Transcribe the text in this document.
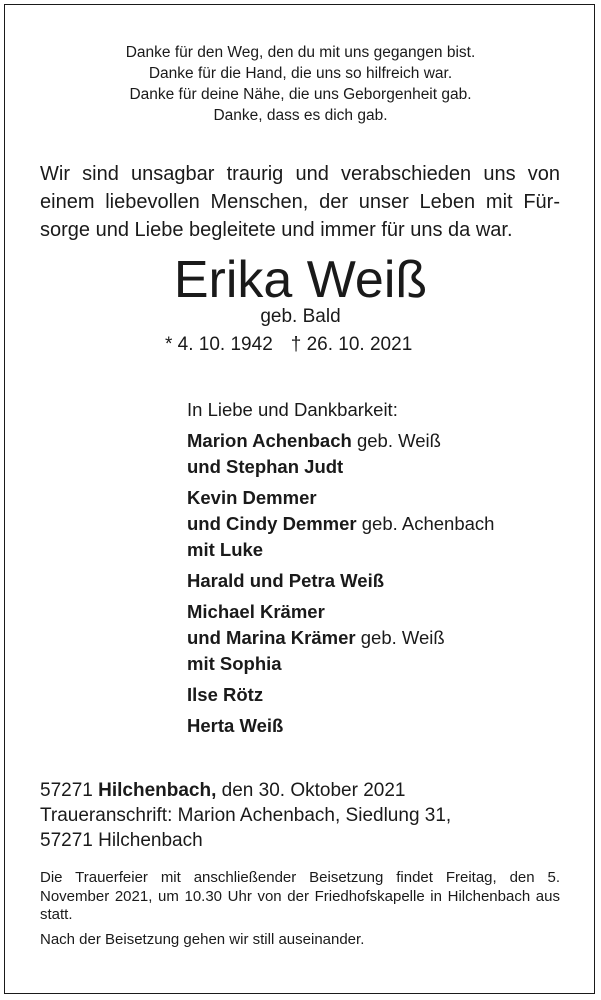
Danke für den Weg, den du mit uns gegangen bist.
Danke für die Hand, die uns so hilfreich war.
Danke für deine Nähe, die uns Geborgenheit gab.
Danke, dass es dich gab.
Wir sind unsagbar traurig und verabschieden uns von
einem liebevollen Menschen, der unser Leben mit Für-
sorge und Liebe begleitete und immer für uns da war.
Erika Weiß
geb. Bald
* 4. 10. 1942 † 26. 10. 2021
In Liebe und Dankbarkeit:
Marion Achenbach geb. Weiß
und Stephan Judt
Kevin Demmer
und Cindy Demmer geb. Achenbach
mit Luke
Harald und Petra Weiß
Michael Krämer
und Marina Krämer geb. Weiß
mit Sophia
Ilse Rötz
Herta Weiß
57271 Hilchenbach, den 30. Oktober 2021
Traueranschrift: Marion Achenbach, Siedlung 31,
57271 Hilchenbach

Die Trauerfeier mit anschließender Beisetzung findet Freitag, den 5. November 2021, um 10.30 Uhr von der Friedhofskapelle in Hilchenbach aus statt.

Nach der Beisetzung gehen wir still auseinander.
